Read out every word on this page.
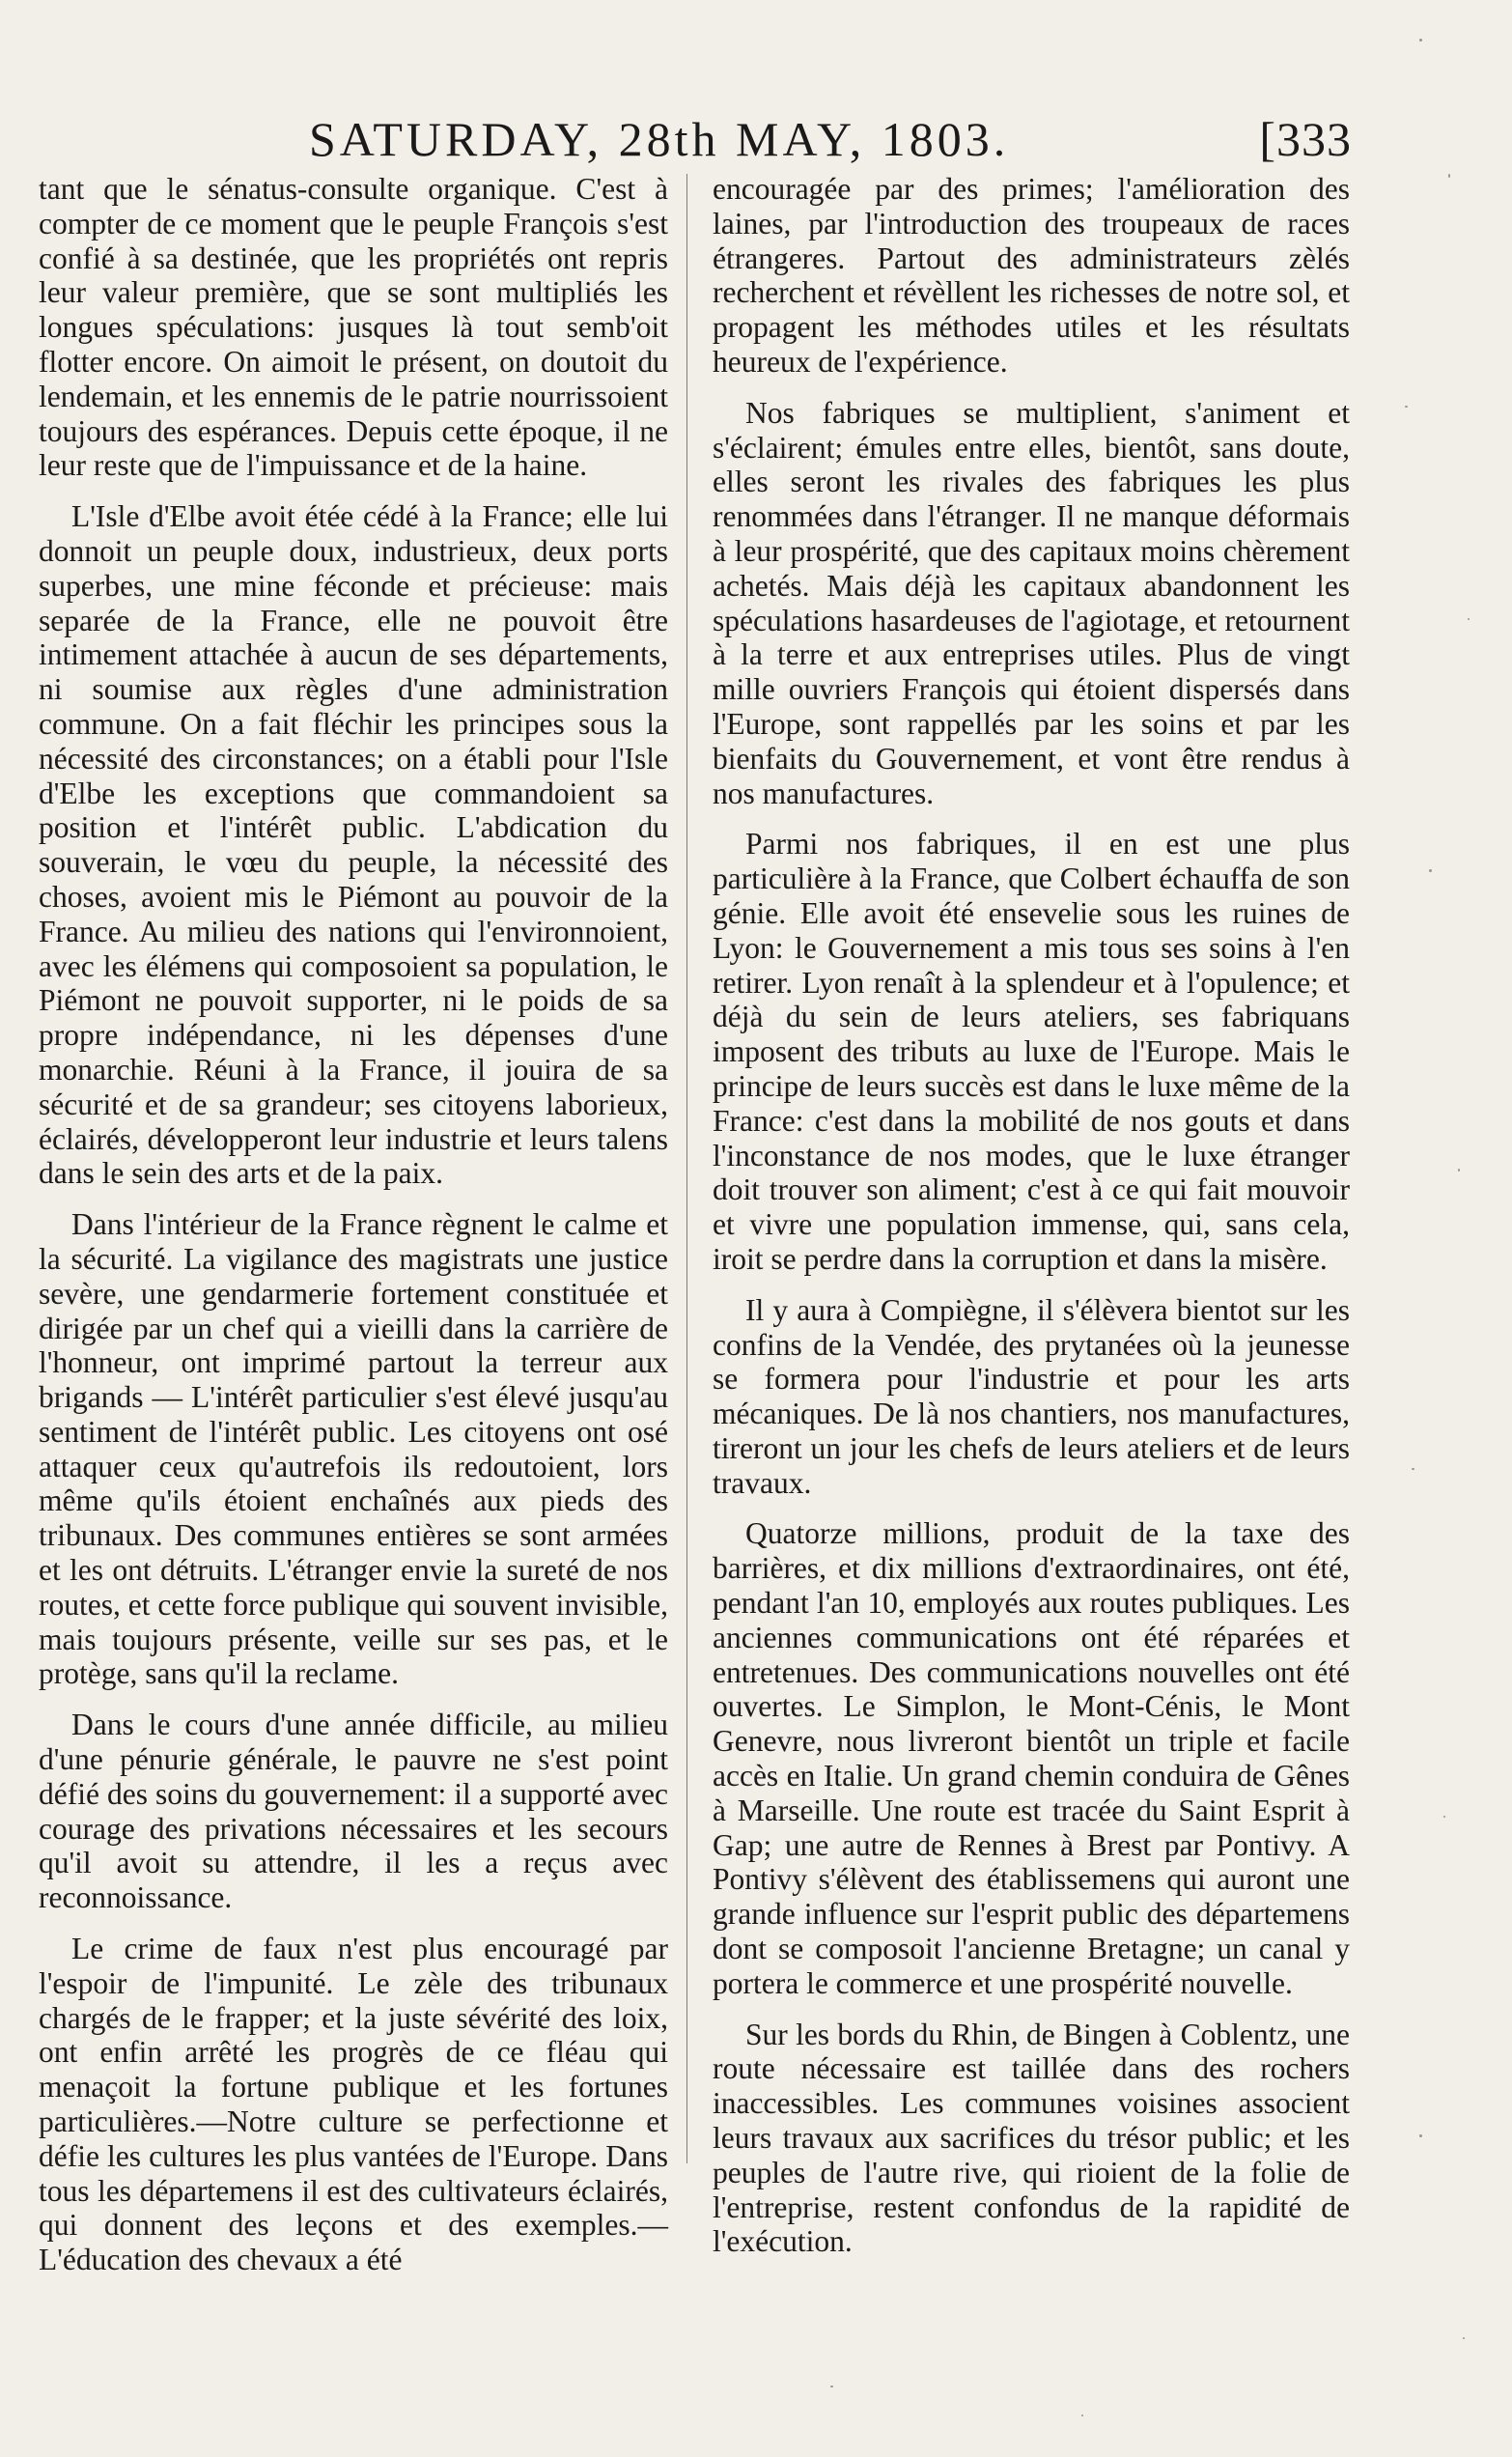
SATURDAY, 28th MAY, 1803.	[333

tant que le sénatus-consulte organique. C'est à compter de ce moment que le peuple François s'est confié à sa destinée, que les propriétés ont repris leur valeur première, que se sont multipliés les longues spéculations: jusques là tout semb'oit flotter encore. On aimoit le présent, on doutoit du lendemain, et les ennemis de le patrie nourrissoient toujours des espérances. Depuis cette époque, il ne leur reste que de l'impuissance et de la haine.

L'Isle d'Elbe avoit étée cédé à la France; elle lui donnoit un peuple doux, industrieux, deux ports superbes, une mine féconde et précieuse: mais separée de la France, elle ne pouvoit être intimement attachée à aucun de ses départements, ni soumise aux règles d'une administration commune. On a fait fléchir les principes sous la nécessité des circonstances; on a établi pour l'Isle d'Elbe les exceptions que commandoient sa position et l'intérêt public. L'abdication du souverain, le vœu du peuple, la nécessité des choses, avoient mis le Piémont au pouvoir de la France. Au milieu des nations qui l'environnoient, avec les élémens qui composoient sa population, le Piémont ne pouvoit supporter, ni le poids de sa propre indépendance, ni les dépenses d'une monarchie. Réuni à la France, il jouira de sa sécurité et de sa grandeur; ses citoyens laborieux, éclairés, développeront leur industrie et leurs talens dans le sein des arts et de la paix.

Dans l'intérieur de la France règnent le calme et la sécurité. La vigilance des magistrats une justice sevère, une gendarmerie fortement constituée et dirigée par un chef qui a vieilli dans la carrière de l'honneur, ont imprimé partout la terreur aux brigands — L'intérêt particulier s'est élevé jusqu'au sentiment de l'intérêt public. Les citoyens ont osé attaquer ceux qu'autrefois ils redoutoient, lors même qu'ils étoient enchaînés aux pieds des tribunaux. Des communes entières se sont armées et les ont détruits. L'étranger envie la sureté de nos routes, et cette force publique qui souvent invisible, mais toujours présente, veille sur ses pas, et le protège, sans qu'il la reclame.

Dans le cours d'une année difficile, au milieu d'une pénurie générale, le pauvre ne s'est point défié des soins du gouvernement: il a supporté avec courage des privations nécessaires et les secours qu'il avoit su attendre, il les a reçus avec reconnoissance.

Le crime de faux n'est plus encouragé par l'espoir de l'impunité. Le zèle des tribunaux chargés de le frapper; et la juste sévérité des loix, ont enfin arrêté les progrès de ce fléau qui menaçoit la fortune publique et les fortunes particulières.—Notre culture se perfectionne et défie les cultures les plus vantées de l'Europe. Dans tous les départemens il est des cultivateurs éclairés, qui donnent des leçons et des exemples.—L'éducation des chevaux a été

encouragée par des primes; l'amélioration des laines, par l'introduction des troupeaux de races étrangeres. Partout des administrateurs zèlés recherchent et révèllent les richesses de notre sol, et propagent les méthodes utiles et les résultats heureux de l'expérience.

Nos fabriques se multiplient, s'animent et s'éclairent; émules entre elles, bientôt, sans doute, elles seront les rivales des fabriques les plus renommées dans l'étranger. Il ne manque déformais à leur prospérité, que des capitaux moins chèrement achetés. Mais déjà les capitaux abandonnent les spéculations hasardeuses de l'agiotage, et retournent à la terre et aux entreprises utiles. Plus de vingt mille ouvriers François qui étoient dispersés dans l'Europe, sont rappellés par les soins et par les bienfaits du Gouvernement, et vont être rendus à nos manufactures.

Parmi nos fabriques, il en est une plus particulière à la France, que Colbert échauffa de son génie. Elle avoit été ensevelie sous les ruines de Lyon: le Gouvernement a mis tous ses soins à l'en retirer. Lyon renaît à la splendeur et à l'opulence; et déjà du sein de leurs ateliers, ses fabriquans imposent des tributs au luxe de l'Europe. Mais le principe de leurs succès est dans le luxe même de la France: c'est dans la mobilité de nos gouts et dans l'inconstance de nos modes, que le luxe étranger doit trouver son aliment; c'est à ce qui fait mouvoir et vivre une population immense, qui, sans cela, iroit se perdre dans la corruption et dans la misère.

Il y aura à Compiègne, il s'élèvera bientot sur les confins de la Vendée, des prytanées où la jeunesse se formera pour l'industrie et pour les arts mécaniques. De là nos chantiers, nos manufactures, tireront un jour les chefs de leurs ateliers et de leurs travaux.

Quatorze millions, produit de la taxe des barrières, et dix millions d'extraordinaires, ont été, pendant l'an 10, employés aux routes publiques. Les anciennes communications ont été réparées et entretenues. Des communications nouvelles ont été ouvertes. Le Simplon, le Mont-Cénis, le Mont Genevre, nous livreront bientôt un triple et facile accès en Italie. Un grand chemin conduira de Gênes à Marseille. Une route est tracée du Saint Esprit à Gap; une autre de Rennes à Brest par Pontivy. A Pontivy s'élèvent des établissemens qui auront une grande influence sur l'esprit public des départemens dont se composoit l'ancienne Bretagne; un canal y portera le commerce et une prospérité nouvelle.

Sur les bords du Rhin, de Bingen à Coblentz, une route nécessaire est taillée dans des rochers inaccessibles. Les communes voisines associent leurs travaux aux sacrifices du trésor public; et les peuples de l'autre rive, qui rioient de la folie de l'entreprise, restent confondus de la rapidité de l'exécution.
